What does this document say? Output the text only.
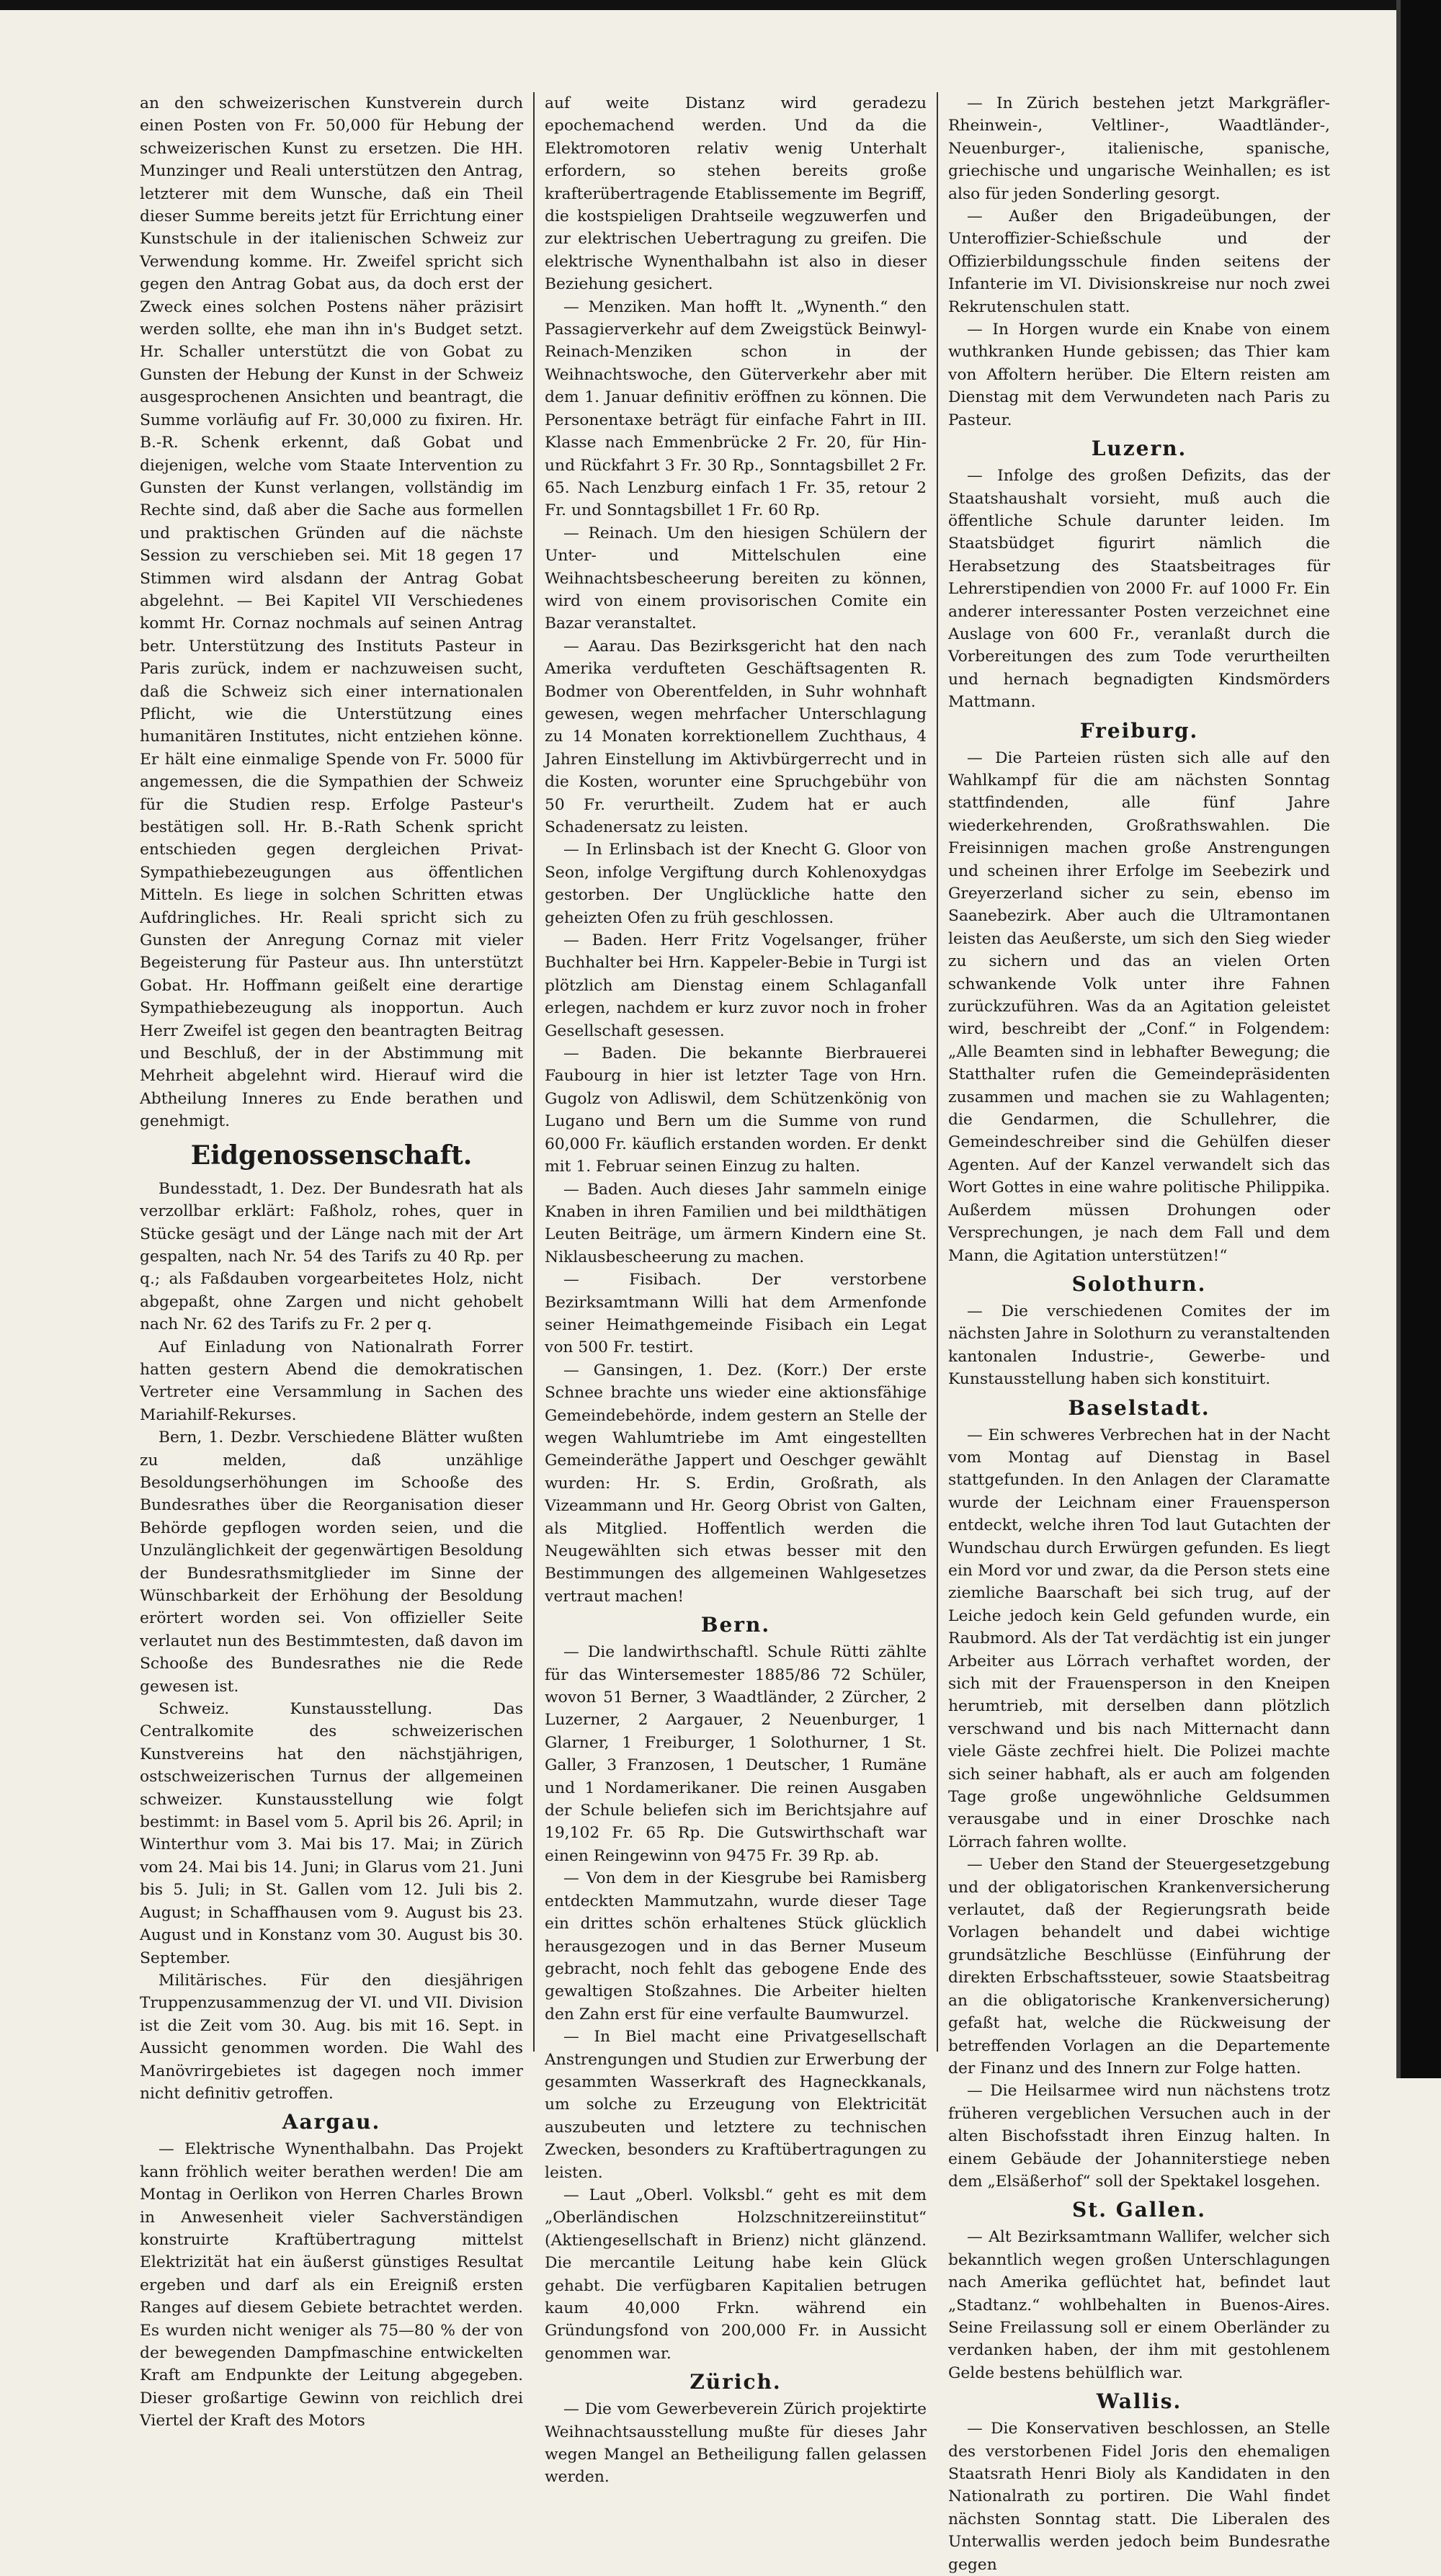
an den schweizerischen Kunstverein durch einen Posten von Fr. 50,000 für Hebung der schweizerischen Kunst zu ersetzen. Die HH. Munzinger und Reali unterstützen den Antrag, letzterer mit dem Wunsche, daß ein Theil dieser Summe bereits jetzt für Errichtung einer Kunstschule in der italienischen Schweiz zur Verwendung komme. Hr. Zweifel spricht sich gegen den Antrag Gobat aus, da doch erst der Zweck eines solchen Postens näher präzisirt werden sollte, ehe man ihn in's Budget setzt. Hr. Schaller unterstützt die von Gobat zu Gunsten der Hebung der Kunst in der Schweiz ausgesprochenen Ansichten und beantragt, die Summe vorläufig auf Fr. 30,000 zu fixiren. Hr. B.-R. Schenk erkennt, daß Gobat und diejenigen, welche vom Staate Intervention zu Gunsten der Kunst verlangen, vollständig im Rechte sind, daß aber die Sache aus formellen und praktischen Gründen auf die nächste Session zu verschieben sei. Mit 18 gegen 17 Stimmen wird alsdann der Antrag Gobat abgelehnt. — Bei Kapitel VII Verschiedenes kommt Hr. Cornaz nochmals auf seinen Antrag betr. Unterstützung des Instituts Pasteur in Paris zurück, indem er nachzuweisen sucht, daß die Schweiz sich einer internationalen Pflicht, wie die Unterstützung eines humanitären Institutes, nicht entziehen könne. Er hält eine einmalige Spende von Fr. 5000 für angemessen, die die Sympathien der Schweiz für die Studien resp. Erfolge Pasteur's bestätigen soll. Hr. B.-Rath Schenk spricht entschieden gegen dergleichen Privat-Sympathiebezeugungen aus öffentlichen Mitteln. Es liege in solchen Schritten etwas Aufdringliches. Hr. Reali spricht sich zu Gunsten der Anregung Cornaz mit vieler Begeisterung für Pasteur aus. Ihn unterstützt Gobat. Hr. Hoffmann geißelt eine derartige Sympathiebezeugung als inopportun. Auch Herr Zweifel ist gegen den beantragten Beitrag und Beschluß, der in der Abstimmung mit Mehrheit abgelehnt wird. Hierauf wird die Abtheilung Inneres zu Ende berathen und genehmigt.

Eidgenossenschaft.

Bundesstadt, 1. Dez. Der Bundesrath hat als verzollbar erklärt: Faßholz, rohes, quer in Stücke gesägt und der Länge nach mit der Art gespalten, nach Nr. 54 des Tarifs zu 40 Rp. per q.; als Faßdauben vorgearbeitetes Holz, nicht abgepaßt, ohne Zargen und nicht gehobelt nach Nr. 62 des Tarifs zu Fr. 2 per q.

Auf Einladung von Nationalrath Forrer hatten gestern Abend die demokratischen Vertreter eine Versammlung in Sachen des Mariahilf-Rekurses.

Bern, 1. Dezbr. Verschiedene Blätter wußten zu melden, daß unzählige Besoldungserhöhungen im Schooße des Bundesrathes über die Reorganisation dieser Behörde gepflogen worden seien, und die Unzulänglichkeit der gegenwärtigen Besoldung der Bundesrathsmitglieder im Sinne der Wünschbarkeit der Erhöhung der Besoldung erörtert worden sei. Von offizieller Seite verlautet nun des Bestimmtesten, daß davon im Schooße des Bundesrathes nie die Rede gewesen ist.

Schweiz. Kunstausstellung. Das Centralkomite des schweizerischen Kunstvereins hat den nächstjährigen, ostschweizerischen Turnus der allgemeinen schweizer. Kunstausstellung wie folgt bestimmt: in Basel vom 5. April bis 26. April; in Winterthur vom 3. Mai bis 17. Mai; in Zürich vom 24. Mai bis 14. Juni; in Glarus vom 21. Juni bis 5. Juli; in St. Gallen vom 12. Juli bis 2. August; in Schaffhausen vom 9. August bis 23. August und in Konstanz vom 30. August bis 30. September.

Militärisches. Für den diesjährigen Truppenzusammenzug der VI. und VII. Division ist die Zeit vom 30. Aug. bis mit 16. Sept. in Aussicht genommen worden. Die Wahl des Manövrirgebietes ist dagegen noch immer nicht definitiv getroffen.

Aargau.

— Elektrische Wynenthalbahn. Das Projekt kann fröhlich weiter berathen werden! Die am Montag in Oerlikon von Herren Charles Brown in Anwesenheit vieler Sachverständigen konstruirte Kraftübertragung mittelst Elektrizität hat ein äußerst günstiges Resultat ergeben und darf als ein Ereigniß ersten Ranges auf diesem Gebiete betrachtet werden. Es wurden nicht weniger als 75—80 % der von der bewegenden Dampfmaschine entwickelten Kraft am Endpunkte der Leitung abgegeben. Dieser großartige Gewinn von reichlich drei Viertel der Kraft des Motors

auf weite Distanz wird geradezu epochemachend werden. Und da die Elektromotoren relativ wenig Unterhalt erfordern, so stehen bereits große krafterübertragende Etablissemente im Begriff, die kostspieligen Drahtseile wegzuwerfen und zur elektrischen Uebertragung zu greifen. Die elektrische Wynenthalbahn ist also in dieser Beziehung gesichert.

— Menziken. Man hofft lt. „Wynenth.“ den Passagierverkehr auf dem Zweigstück Beinwyl-Reinach-Menziken schon in der Weihnachtswoche, den Güterverkehr aber mit dem 1. Januar definitiv eröffnen zu können. Die Personentaxe beträgt für einfache Fahrt in III. Klasse nach Emmenbrücke 2 Fr. 20, für Hin- und Rückfahrt 3 Fr. 30 Rp., Sonntagsbillet 2 Fr. 65. Nach Lenzburg einfach 1 Fr. 35, retour 2 Fr. und Sonntagsbillet 1 Fr. 60 Rp.

— Reinach. Um den hiesigen Schülern der Unter- und Mittelschulen eine Weihnachtsbescheerung bereiten zu können, wird von einem provisorischen Comite ein Bazar veranstaltet.

— Aarau. Das Bezirksgericht hat den nach Amerika verdufteten Geschäftsagenten R. Bodmer von Oberentfelden, in Suhr wohnhaft gewesen, wegen mehrfacher Unterschlagung zu 14 Monaten korrektionellem Zuchthaus, 4 Jahren Einstellung im Aktivbürgerrecht und in die Kosten, worunter eine Spruchgebühr von 50 Fr. verurtheilt. Zudem hat er auch Schadenersatz zu leisten.

— In Erlinsbach ist der Knecht G. Gloor von Seon, infolge Vergiftung durch Kohlenoxydgas gestorben. Der Unglückliche hatte den geheizten Ofen zu früh geschlossen.

— Baden. Herr Fritz Vogelsanger, früher Buchhalter bei Hrn. Kappeler-Bebie in Turgi ist plötzlich am Dienstag einem Schlaganfall erlegen, nachdem er kurz zuvor noch in froher Gesellschaft gesessen.

— Baden. Die bekannte Bierbrauerei Faubourg in hier ist letzter Tage von Hrn. Gugolz von Adliswil, dem Schützenkönig von Lugano und Bern um die Summe von rund 60,000 Fr. käuflich erstanden worden. Er denkt mit 1. Februar seinen Einzug zu halten.

— Baden. Auch dieses Jahr sammeln einige Knaben in ihren Familien und bei mildthätigen Leuten Beiträge, um ärmern Kindern eine St. Niklausbescheerung zu machen.

— Fisibach. Der verstorbene Bezirksamtmann Willi hat dem Armenfonde seiner Heimathgemeinde Fisibach ein Legat von 500 Fr. testirt.

— Gansingen, 1. Dez. (Korr.) Der erste Schnee brachte uns wieder eine aktionsfähige Gemeindebehörde, indem gestern an Stelle der wegen Wahlumtriebe im Amt eingestellten Gemeinderäthe Jappert und Oeschger gewählt wurden: Hr. S. Erdin, Großrath, als Vizeammann und Hr. Georg Obrist von Galten, als Mitglied. Hoffentlich werden die Neugewählten sich etwas besser mit den Bestimmungen des allgemeinen Wahlgesetzes vertraut machen!

Bern.

— Die landwirthschaftl. Schule Rütti zählte für das Wintersemester 1885/86 72 Schüler, wovon 51 Berner, 3 Waadtländer, 2 Zürcher, 2 Luzerner, 2 Aargauer, 2 Neuenburger, 1 Glarner, 1 Freiburger, 1 Solothurner, 1 St. Galler, 3 Franzosen, 1 Deutscher, 1 Rumäne und 1 Nordamerikaner. Die reinen Ausgaben der Schule beliefen sich im Berichtsjahre auf 19,102 Fr. 65 Rp. Die Gutswirthschaft war einen Reingewinn von 9475 Fr. 39 Rp. ab.

— Von dem in der Kiesgrube bei Ramisberg entdeckten Mammutzahn, wurde dieser Tage ein drittes schön erhaltenes Stück glücklich herausgezogen und in das Berner Museum gebracht, noch fehlt das gebogene Ende des gewaltigen Stoßzahnes. Die Arbeiter hielten den Zahn erst für eine verfaulte Baumwurzel.

— In Biel macht eine Privatgesellschaft Anstrengungen und Studien zur Erwerbung der gesammten Wasserkraft des Hagneckkanals, um solche zu Erzeugung von Elektricität auszubeuten und letztere zu technischen Zwecken, besonders zu Kraftübertragungen zu leisten.

— Laut „Oberl. Volksbl.“ geht es mit dem „Oberländischen Holzschnitzereiinstitut“ (Aktiengesellschaft in Brienz) nicht glänzend. Die mercantile Leitung habe kein Glück gehabt. Die verfügbaren Kapitalien betrugen kaum 40,000 Frkn. während ein Gründungsfond von 200,000 Fr. in Aussicht genommen war.

Zürich.

— Die vom Gewerbeverein Zürich projektirte Weihnachtsausstellung mußte für dieses Jahr wegen Mangel an Betheiligung fallen gelassen werden.

— In Zürich bestehen jetzt Markgräfler-Rheinwein-, Veltliner-, Waadtländer-, Neuenburger-, italienische, spanische, griechische und ungarische Weinhallen; es ist also für jeden Sonderling gesorgt.

— Außer den Brigadeübungen, der Unteroffizier-Schießschule und der Offizierbildungsschule finden seitens der Infanterie im VI. Divisionskreise nur noch zwei Rekrutenschulen statt.

— In Horgen wurde ein Knabe von einem wuthkranken Hunde gebissen; das Thier kam von Affoltern herüber. Die Eltern reisten am Dienstag mit dem Verwundeten nach Paris zu Pasteur.

Luzern.

— Infolge des großen Defizits, das der Staatshaushalt vorsieht, muß auch die öffentliche Schule darunter leiden. Im Staatsbüdget figurirt nämlich die Herabsetzung des Staatsbeitrages für Lehrerstipendien von 2000 Fr. auf 1000 Fr. Ein anderer interessanter Posten verzeichnet eine Auslage von 600 Fr., veranlaßt durch die Vorbereitungen des zum Tode verurtheilten und hernach begnadigten Kindsmörders Mattmann.

Freiburg.

— Die Parteien rüsten sich alle auf den Wahlkampf für die am nächsten Sonntag stattfindenden, alle fünf Jahre wiederkehrenden, Großrathswahlen. Die Freisinnigen machen große Anstrengungen und scheinen ihrer Erfolge im Seebezirk und Greyerzerland sicher zu sein, ebenso im Saanebezirk. Aber auch die Ultramontanen leisten das Aeußerste, um sich den Sieg wieder zu sichern und das an vielen Orten schwankende Volk unter ihre Fahnen zurückzuführen. Was da an Agitation geleistet wird, beschreibt der „Conf.“ in Folgendem: „Alle Beamten sind in lebhafter Bewegung; die Statthalter rufen die Gemeindepräsidenten zusammen und machen sie zu Wahlagenten; die Gendarmen, die Schullehrer, die Gemeindeschreiber sind die Gehülfen dieser Agenten. Auf der Kanzel verwandelt sich das Wort Gottes in eine wahre politische Philippika. Außerdem müssen Drohungen oder Versprechungen, je nach dem Fall und dem Mann, die Agitation unterstützen!“

Solothurn.

— Die verschiedenen Comites der im nächsten Jahre in Solothurn zu veranstaltenden kantonalen Industrie-, Gewerbe- und Kunstausstellung haben sich konstituirt.

Baselstadt.

— Ein schweres Verbrechen hat in der Nacht vom Montag auf Dienstag in Basel stattgefunden. In den Anlagen der Claramatte wurde der Leichnam einer Frauensperson entdeckt, welche ihren Tod laut Gutachten der Wundschau durch Erwürgen gefunden. Es liegt ein Mord vor und zwar, da die Person stets eine ziemliche Baarschaft bei sich trug, auf der Leiche jedoch kein Geld gefunden wurde, ein Raubmord. Als der Tat verdächtig ist ein junger Arbeiter aus Lörrach verhaftet worden, der sich mit der Frauensperson in den Kneipen herumtrieb, mit derselben dann plötzlich verschwand und bis nach Mitternacht dann viele Gäste zechfrei hielt. Die Polizei machte sich seiner habhaft, als er auch am folgenden Tage große ungewöhnliche Geldsummen verausgabe und in einer Droschke nach Lörrach fahren wollte.

— Ueber den Stand der Steuergesetzgebung und der obligatorischen Krankenversicherung verlautet, daß der Regierungsrath beide Vorlagen behandelt und dabei wichtige grundsätzliche Beschlüsse (Einführung der direkten Erbschaftssteuer, sowie Staatsbeitrag an die obligatorische Krankenversicherung) gefaßt hat, welche die Rückweisung der betreffenden Vorlagen an die Departemente der Finanz und des Innern zur Folge hatten.

— Die Heilsarmee wird nun nächstens trotz früheren vergeblichen Versuchen auch in der alten Bischofsstadt ihren Einzug halten. In einem Gebäude der Johanniterstiege neben dem „Elsäßerhof“ soll der Spektakel losgehen.

St. Gallen.

— Alt Bezirksamtmann Wallifer, welcher sich bekanntlich wegen großen Unterschlagungen nach Amerika geflüchtet hat, befindet laut „Stadtanz.“ wohlbehalten in Buenos-Aires. Seine Freilassung soll er einem Oberländer zu verdanken haben, der ihm mit gestohlenem Gelde bestens behülflich war.

Wallis.

— Die Konservativen beschlossen, an Stelle des verstorbenen Fidel Joris den ehemaligen Staatsrath Henri Bioly als Kandidaten in den Nationalrath zu portiren. Die Wahl findet nächsten Sonntag statt. Die Liberalen des Unterwallis werden jedoch beim Bundesrathe gegen
